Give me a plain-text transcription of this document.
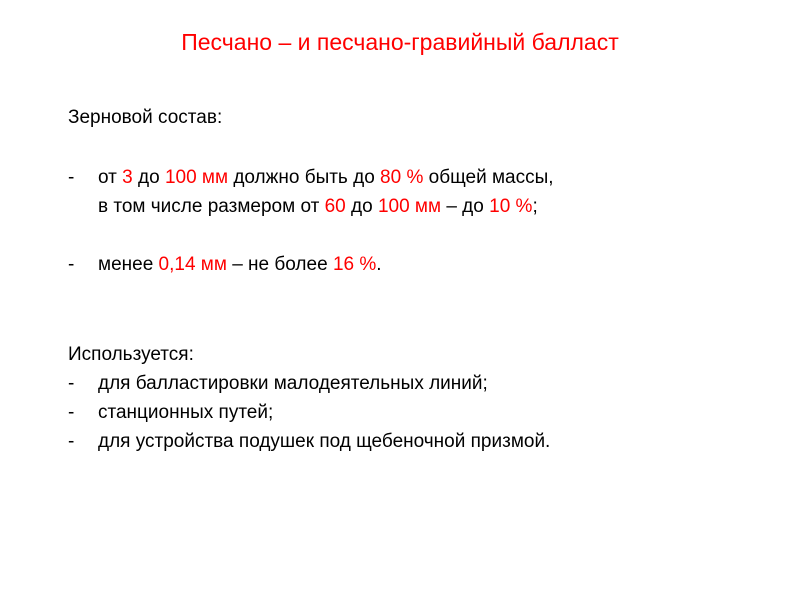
Песчано – и песчано-гравийный балласт
Зерновой состав:
- от 3 до 100 мм должно быть до 80 % общей массы,
в том числе размером от 60 до 100 мм – до 10 %;
- менее 0,14 мм – не более 16 %.
Используется:
- для балластировки малодеятельных линий;
- станционных путей;
- для устройства подушек под щебеночной призмой.
